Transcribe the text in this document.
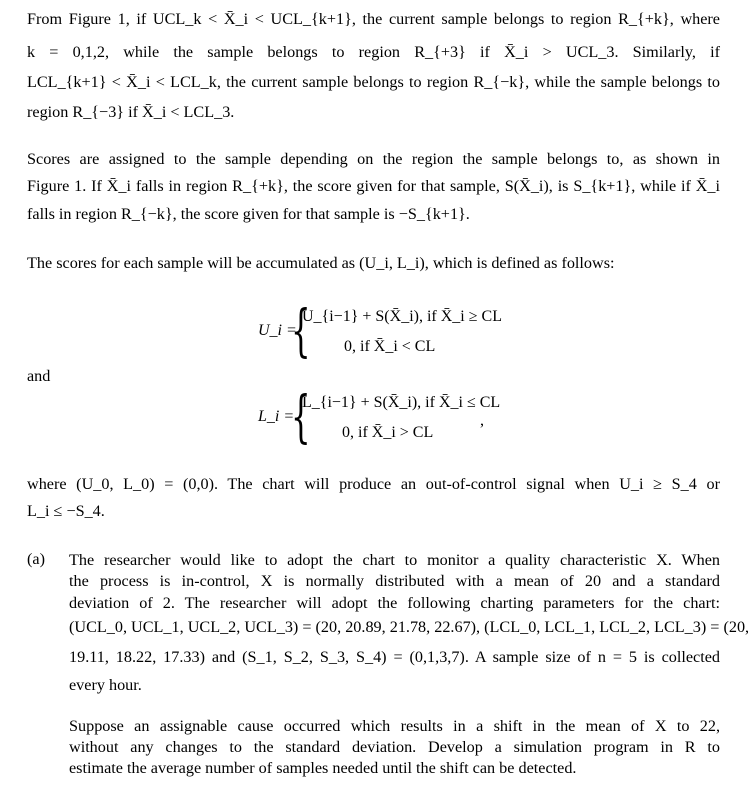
From Figure 1, if UCL_k < X̄_i < UCL_{k+1}, the current sample belongs to region R_{+k}, where
k = 0,1,2, while the sample belongs to region R_{+3} if X̄_i > UCL_3. Similarly, if
LCL_{k+1} < X̄_i < LCL_k, the current sample belongs to region R_{−k}, while the sample belongs to
region R_{−3} if X̄_i < LCL_3.
Scores are assigned to the sample depending on the region the sample belongs to, as shown in
Figure 1. If X̄_i falls in region R_{+k}, the score given for that sample, S(X̄_i), is S_{k+1}, while if X̄_i
falls in region R_{−k}, the score given for that sample is −S_{k+1}.
The scores for each sample will be accumulated as (U_i, L_i), which is defined as follows:
U_i =
{
U_{i−1} + S(X̄_i), if X̄_i ≥ CL
0, if X̄_i < CL
and
L_i =
{
L_{i−1} + S(X̄_i), if X̄_i ≤ CL
0, if X̄_i > CL
,
where (U_0, L_0) = (0,0). The chart will produce an out-of-control signal when U_i ≥ S_4 or
L_i ≤ −S_4.
(a) The researcher would like to adopt the chart to monitor a quality characteristic X. When
the process is in-control, X is normally distributed with a mean of 20 and a standard
deviation of 2. The researcher will adopt the following charting parameters for the chart:
(UCL_0, UCL_1, UCL_2, UCL_3) = (20, 20.89, 21.78, 22.67), (LCL_0, LCL_1, LCL_2, LCL_3) = (20,
19.11, 18.22, 17.33) and (S_1, S_2, S_3, S_4) = (0,1,3,7). A sample size of n = 5 is collected
every hour.
Suppose an assignable cause occurred which results in a shift in the mean of X to 22,
without any changes to the standard deviation. Develop a simulation program in R to
estimate the average number of samples needed until the shift can be detected.
